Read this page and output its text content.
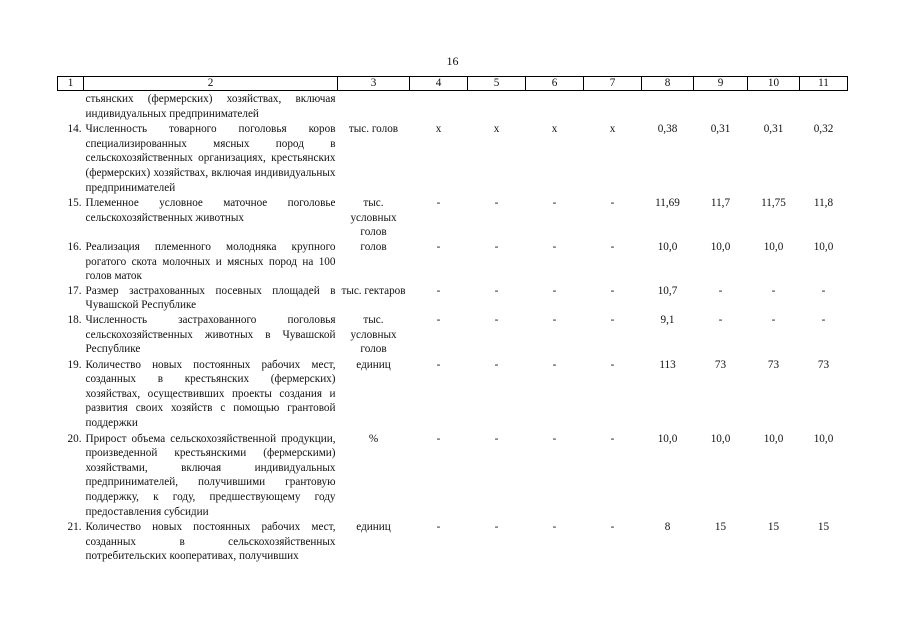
16
1	2	3	4	5	6	7	8	9	10	11
	стьянских (фермерских) хозяйствах, включая индивидуальных предпринимателей									
14.	Численность товарного поголовья коров специализированных мясных пород в сельскохозяйственных организациях, крестьянских (фермерских) хозяйствах, включая индивидуальных предпринимателей	тыс. голов	х	х	х	х	0,38	0,31	0,31	0,32
15.	Племенное условное маточное поголовье сельскохозяйственных животных	тыс. условных голов	-	-	-	-	11,69	11,7	11,75	11,8
16.	Реализация племенного молодняка крупного рогатого скота молочных и мясных пород на 100 голов маток	голов	-	-	-	-	10,0	10,0	10,0	10,0
17.	Размер застрахованных посевных площадей в Чувашской Республике	тыс. гектаров	-	-	-	-	10,7	-	-	-
18.	Численность застрахованного поголовья сельскохозяйственных животных в Чувашской Республике	тыс. условных голов	-	-	-	-	9,1	-	-	-
19.	Количество новых постоянных рабочих мест, созданных в крестьянских (фермерских) хозяйствах, осуществивших проекты создания и развития своих хозяйств с помощью грантовой поддержки	единиц	-	-	-	-	113	73	73	73
20.	Прирост объема сельскохозяйственной продукции, произведенной крестьянскими (фермерскими) хозяйствами, включая индивидуальных предпринимателей, получившими грантовую поддержку, к году, предшествующему году предоставления субсидии	%	-	-	-	-	10,0	10,0	10,0	10,0
21.	Количество новых постоянных рабочих мест, созданных в сельскохозяйственных потребительских кооперативах, получивших	единиц	-	-	-	-	8	15	15	15
